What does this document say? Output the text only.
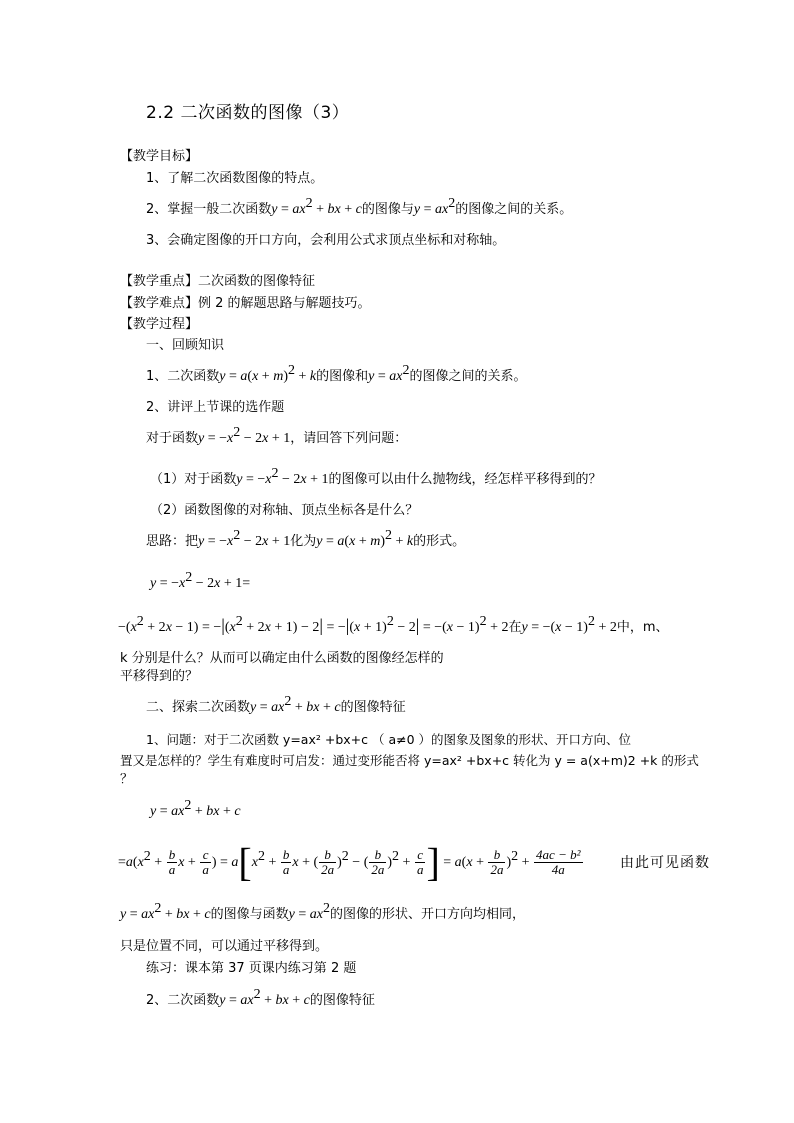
2.2 二次函数的图像（3）
【教学目标】
1、了解二次函数图像的特点。
2、掌握一般二次函数$y = ax^2$ + bx + c的图像与$y = ax^2$的图像之间的关系。
3、会确定图像的开口方向，会利用公式求顶点坐标和对称轴。
【教学重点】二次函数的图像特征
【教学难点】例 2 的解题思路与解题技巧。
【教学过程】
一、回顾知识
1、二次函数$y = a(x + m)^2 + k$的图像和$y = ax^2$的图像之间的关系。
2、讲评上节课的选作题
对于函数$y = -x^2 - 2x + 1$，请回答下列问题：
（1）对于函数$y = -x^2 - 2x + 1$的图像可以由什么抛物线，经怎样平移得到的？
（2）函数图像的对称轴、顶点坐标各是什么？
思路：把$y = -x^2 - 2x + 1$化为$y = a(x + m)^2 + k$的形式。
$y = -x^2 - 2x + 1=$
$-(x^2 + 2x - 1) = -|(x^2 + 2x + 1) - 2| = -|(x + 1)^2 - 2| = -(x - 1)^2 + 2$在$y = -(x - 1)^2 + 2$中，m、
k 分别是什么？从而可以确定由什么函数的图像经怎样的
平移得到的？
二、探索二次函数$y = ax^2$ + bx + c的图像特征
1、问题：对于二次函数 y=ax² +bx+c （ a≠0 ）的图象及图象的形状、开口方向、位
置又是怎样的？学生有难度时可启发：通过变形能否将 y=ax² +bx+c 转化为 y = a(x+m)2 +k 的形式
？
$y = ax^2$ + bx + c
$=a(x^2 + \frac{b}{a}$ $x + \frac{c}{a}$ ) = $a[x^2 + \frac{b}{a}$ x + ( $\frac{b}{2a} )^2$ − ( $\frac{b}{2a} )^2 + \frac{c}{a}$ ] = $a(x + \frac{b}{2a} )^2 + \frac{\text{4ac − b²}}{4a}$	由此可见函数
$y = ax^2$ + bx + c的图像与函数$y = ax^2$的图像的形状、开口方向均相同，
只是位置不同，可以通过平移得到。
练习：课本第 37 页课内练习第 2 题
2、二次函数$y = ax^2$ + bx + c的图像特征
